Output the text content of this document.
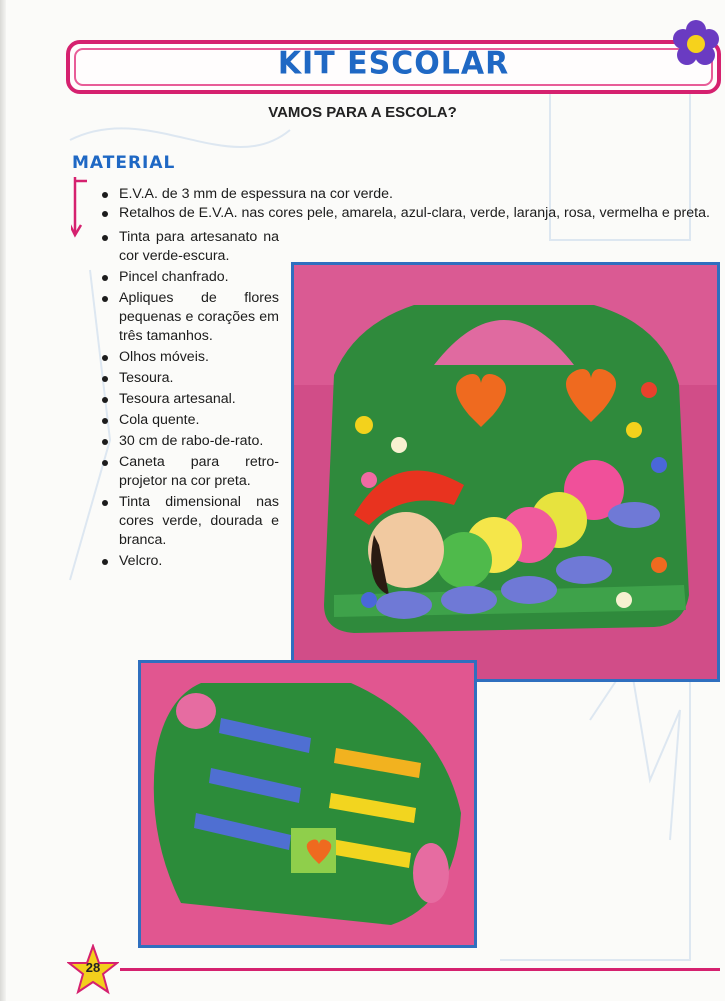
KIT ESCOLAR
VAMOS PARA A ESCOLA?
MATERIAL
E.V.A. de 3 mm de espessura na cor verde.
Retalhos de E.V.A. nas cores pele, amarela, azul-clara, verde, laranja, rosa, vermelha e preta.
Tinta para artesanato na cor verde-escura.
Pincel chanfrado.
Apliques de flores pequenas e corações em três tamanhos.
Olhos móveis.
Tesoura.
Tesoura artesanal.
Cola quente.
30 cm de rabo-de-rato.
Caneta para retro-projetor na cor preta.
Tinta dimensional nas cores verde, dourada e branca.
Velcro.
28
